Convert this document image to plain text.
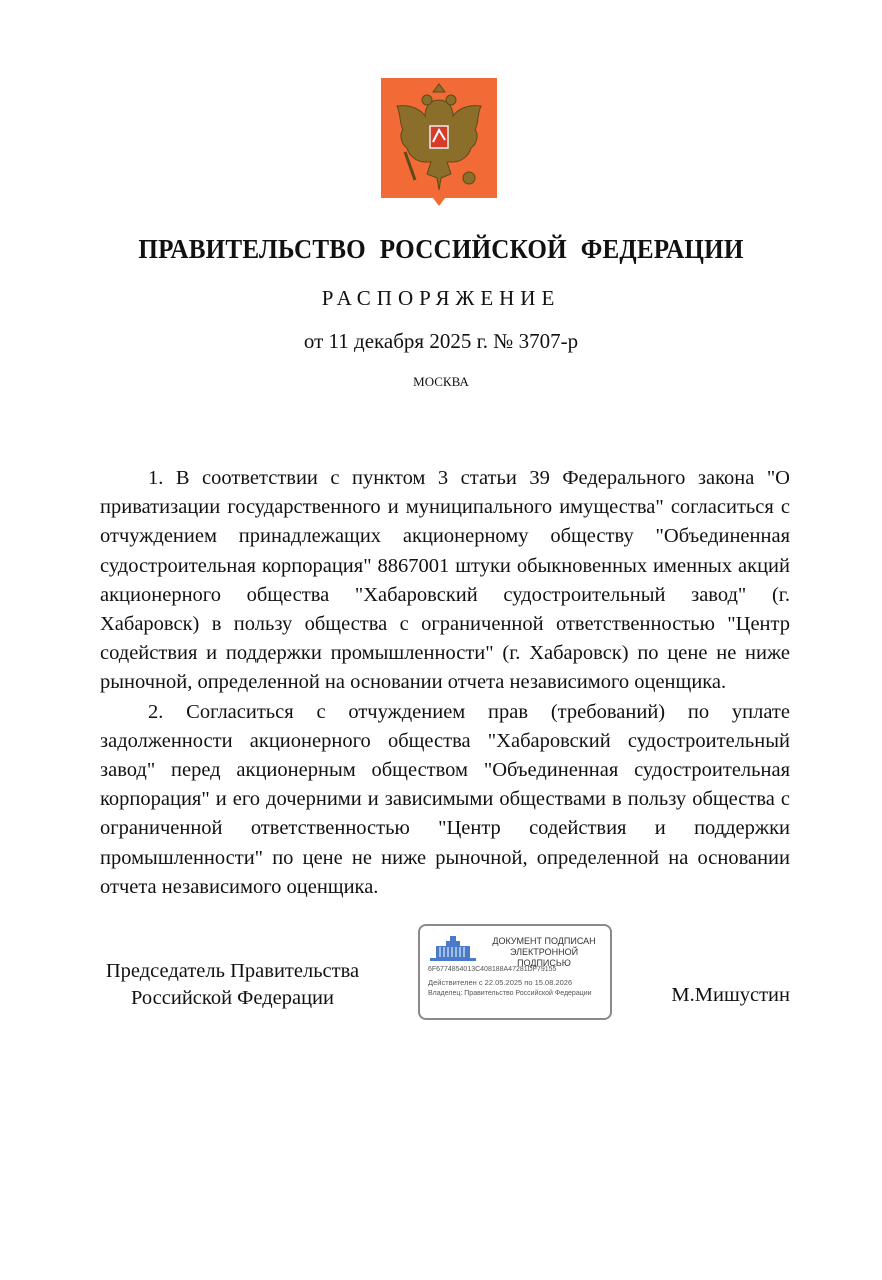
ПРАВИТЕЛЬСТВО РОССИЙСКОЙ ФЕДЕРАЦИИ
РАСПОРЯЖЕНИЕ
от 11 декабря 2025 г. № 3707-р
МОСКВА

1. В соответствии с пунктом 3 статьи 39 Федерального закона "О приватизации государственного и муниципального имущества" согласиться с отчуждением принадлежащих акционерному обществу "Объединенная судостроительная корпорация" 8867001 штуки обыкновенных именных акций акционерного общества "Хабаровский судостроительный завод" (г. Хабаровск) в пользу общества с ограниченной ответственностью "Центр содействия и поддержки промышленности" (г. Хабаровск) по цене не ниже рыночной, определенной на основании отчета независимого оценщика.

2. Согласиться с отчуждением прав (требований) по уплате задолженности акционерного общества "Хабаровский судостроительный завод" перед акционерным обществом "Объединенная судостроительная корпорация" и его дочерними и зависимыми обществами в пользу общества с ограниченной ответственностью "Центр содействия и поддержки промышленности" по цене не ниже рыночной, определенной на основании отчета независимого оценщика.

Председатель Правительства
Российской Федерации
ДОКУМЕНТ ПОДПИСАН
ЭЛЕКТРОННОЙ ПОДПИСЬЮ
6F6774854013C408188A47281DF79155
Действителен с 22.05.2025 по 15.08.2026
Владелец: Правительство Российской Федерации	М.Мишустин
